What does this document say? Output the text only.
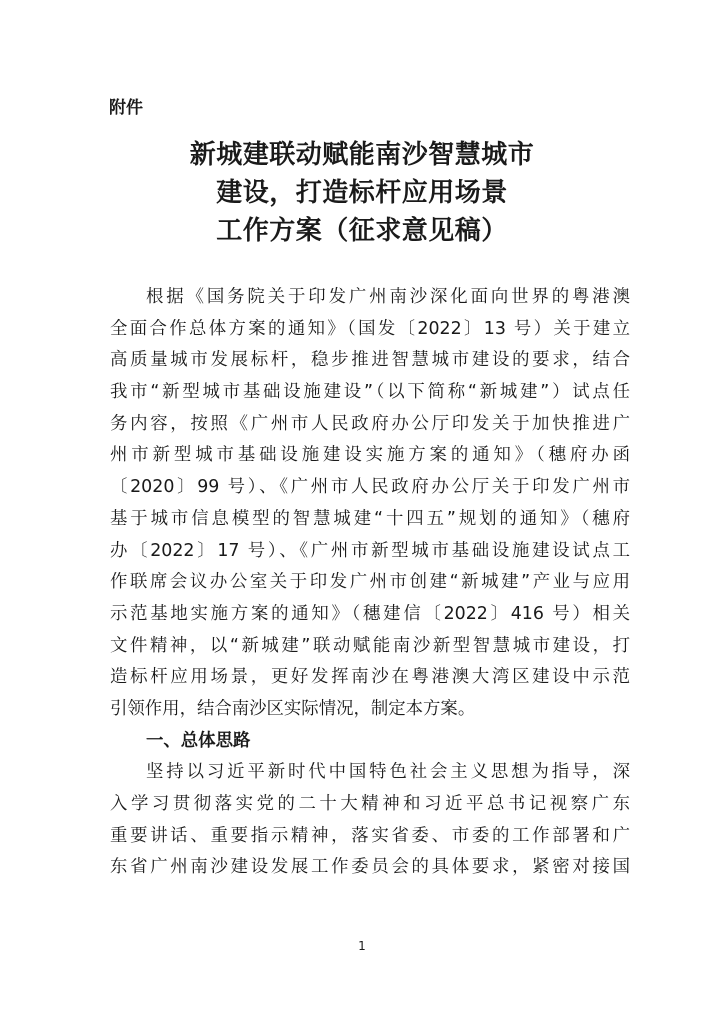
附件
新城建联动赋能南沙智慧城市
建设，打造标杆应用场景
工作方案（征求意见稿）
根据《国务院关于印发广州南沙深化面向世界的粤港澳
全面合作总体方案的通知》（国发〔2022〕13 号）关于建立
高质量城市发展标杆，稳步推进智慧城市建设的要求，结合
我市“新型城市基础设施建设”（以下简称“新城建”）试点任
务内容，按照《广州市人民政府办公厅印发关于加快推进广
州市新型城市基础设施建设实施方案的通知》（穗府办函
〔2020〕99 号）、《广州市人民政府办公厅关于印发广州市
基于城市信息模型的智慧城建“十四五”规划的通知》（穗府
办〔2022〕17 号）、《广州市新型城市基础设施建设试点工
作联席会议办公室关于印发广州市创建“新城建”产业与应用
示范基地实施方案的通知》（穗建信〔2022〕416 号）相关
文件精神，以“新城建”联动赋能南沙新型智慧城市建设，打
造标杆应用场景，更好发挥南沙在粤港澳大湾区建设中示范
引领作用，结合南沙区实际情况，制定本方案。
一、总体思路
坚持以习近平新时代中国特色社会主义思想为指导，深
入学习贯彻落实党的二十大精神和习近平总书记视察广东
重要讲话、重要指示精神，落实省委、市委的工作部署和广
东省广州南沙建设发展工作委员会的具体要求，紧密对接国
1
